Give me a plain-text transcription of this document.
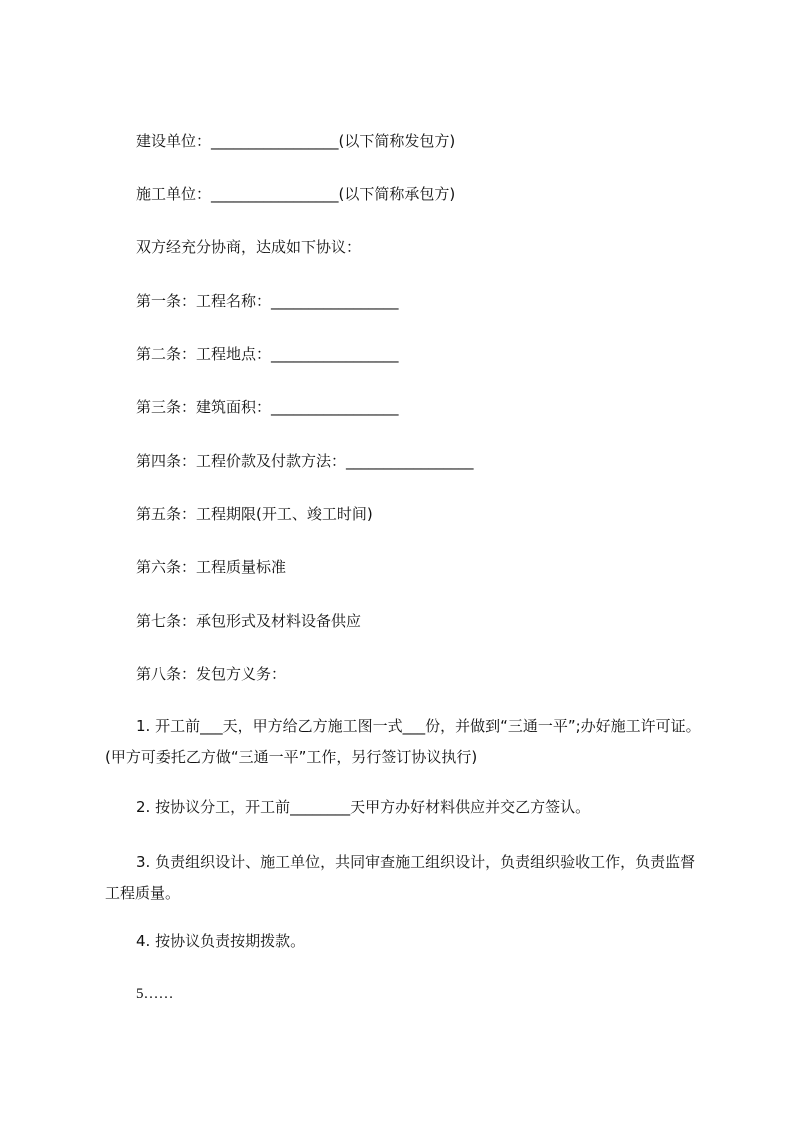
建设单位：_________________(以下简称发包方)

施工单位：_________________(以下简称承包方)

双方经充分协商，达成如下协议：

第一条：工程名称：_________________

第二条：工程地点：_________________

第三条：建筑面积：_________________

第四条：工程价款及付款方法：_________________

第五条：工程期限(开工、竣工时间)

第六条：工程质量标准

第七条：承包形式及材料设备供应

第八条：发包方义务：

1. 开工前___天，甲方给乙方施工图一式___份，并做到“三通一平”;办好施工许可证。(甲方可委托乙方做“三通一平”工作，另行签订协议执行)

2. 按协议分工，开工前________天甲方办好材料供应并交乙方签认。

3. 负责组织设计、施工单位，共同审查施工组织设计，负责组织验收工作，负责监督工程质量。

4. 按协议负责按期拨款。

5……
